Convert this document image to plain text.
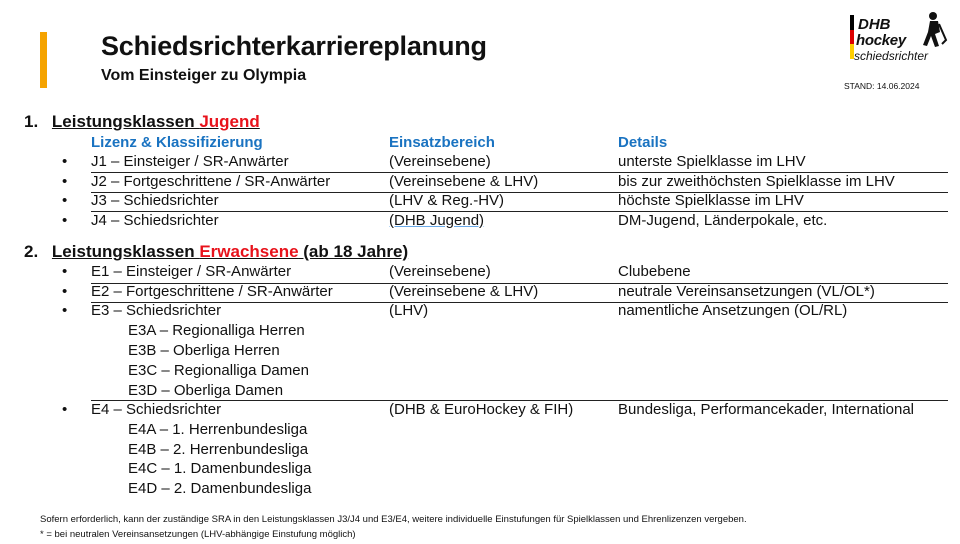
Schiedsrichterkarriereplanung
Vom Einsteiger zu Olympia
DHB
hockey
schiedsrichter
STAND: 14.06.2024
1. Leistungsklassen Jugend
Lizenz & Klassifizierung	Einsatzbereich	Details
• J1 – Einsteiger / SR-Anwärter	(Vereinsebene)	unterste Spielklasse im LHV
• J2 – Fortgeschrittene / SR-Anwärter	(Vereinsebene & LHV)	bis zur zweithöchsten Spielklasse im LHV
• J3 – Schiedsrichter	(LHV & Reg.-HV)	höchste Spielklasse im LHV
• J4 – Schiedsrichter	(DHB Jugend)	DM-Jugend, Länderpokale, etc.
2. Leistungsklassen Erwachsene (ab 18 Jahre)
• E1 – Einsteiger / SR-Anwärter	(Vereinsebene)	Clubebene
• E2 – Fortgeschrittene / SR-Anwärter	(Vereinsebene & LHV)	neutrale Vereinsansetzungen (VL/OL*)
• E3 – Schiedsrichter	(LHV)	namentliche Ansetzungen (OL/RL)
E3A – Regionalliga Herren
E3B – Oberliga Herren
E3C – Regionalliga Damen
E3D – Oberliga Damen
• E4 – Schiedsrichter	(DHB & EuroHockey & FIH)	Bundesliga, Performancekader, International
E4A – 1. Herrenbundesliga
E4B – 2. Herrenbundesliga
E4C – 1. Damenbundesliga
E4D – 2. Damenbundesliga
Sofern erforderlich, kann der zuständige SRA in den Leistungsklassen J3/J4 und E3/E4, weitere individuelle Einstufungen für Spielklassen und Ehrenlizenzen vergeben.
* = bei neutralen Vereinsansetzungen (LHV-abhängige Einstufung möglich)
